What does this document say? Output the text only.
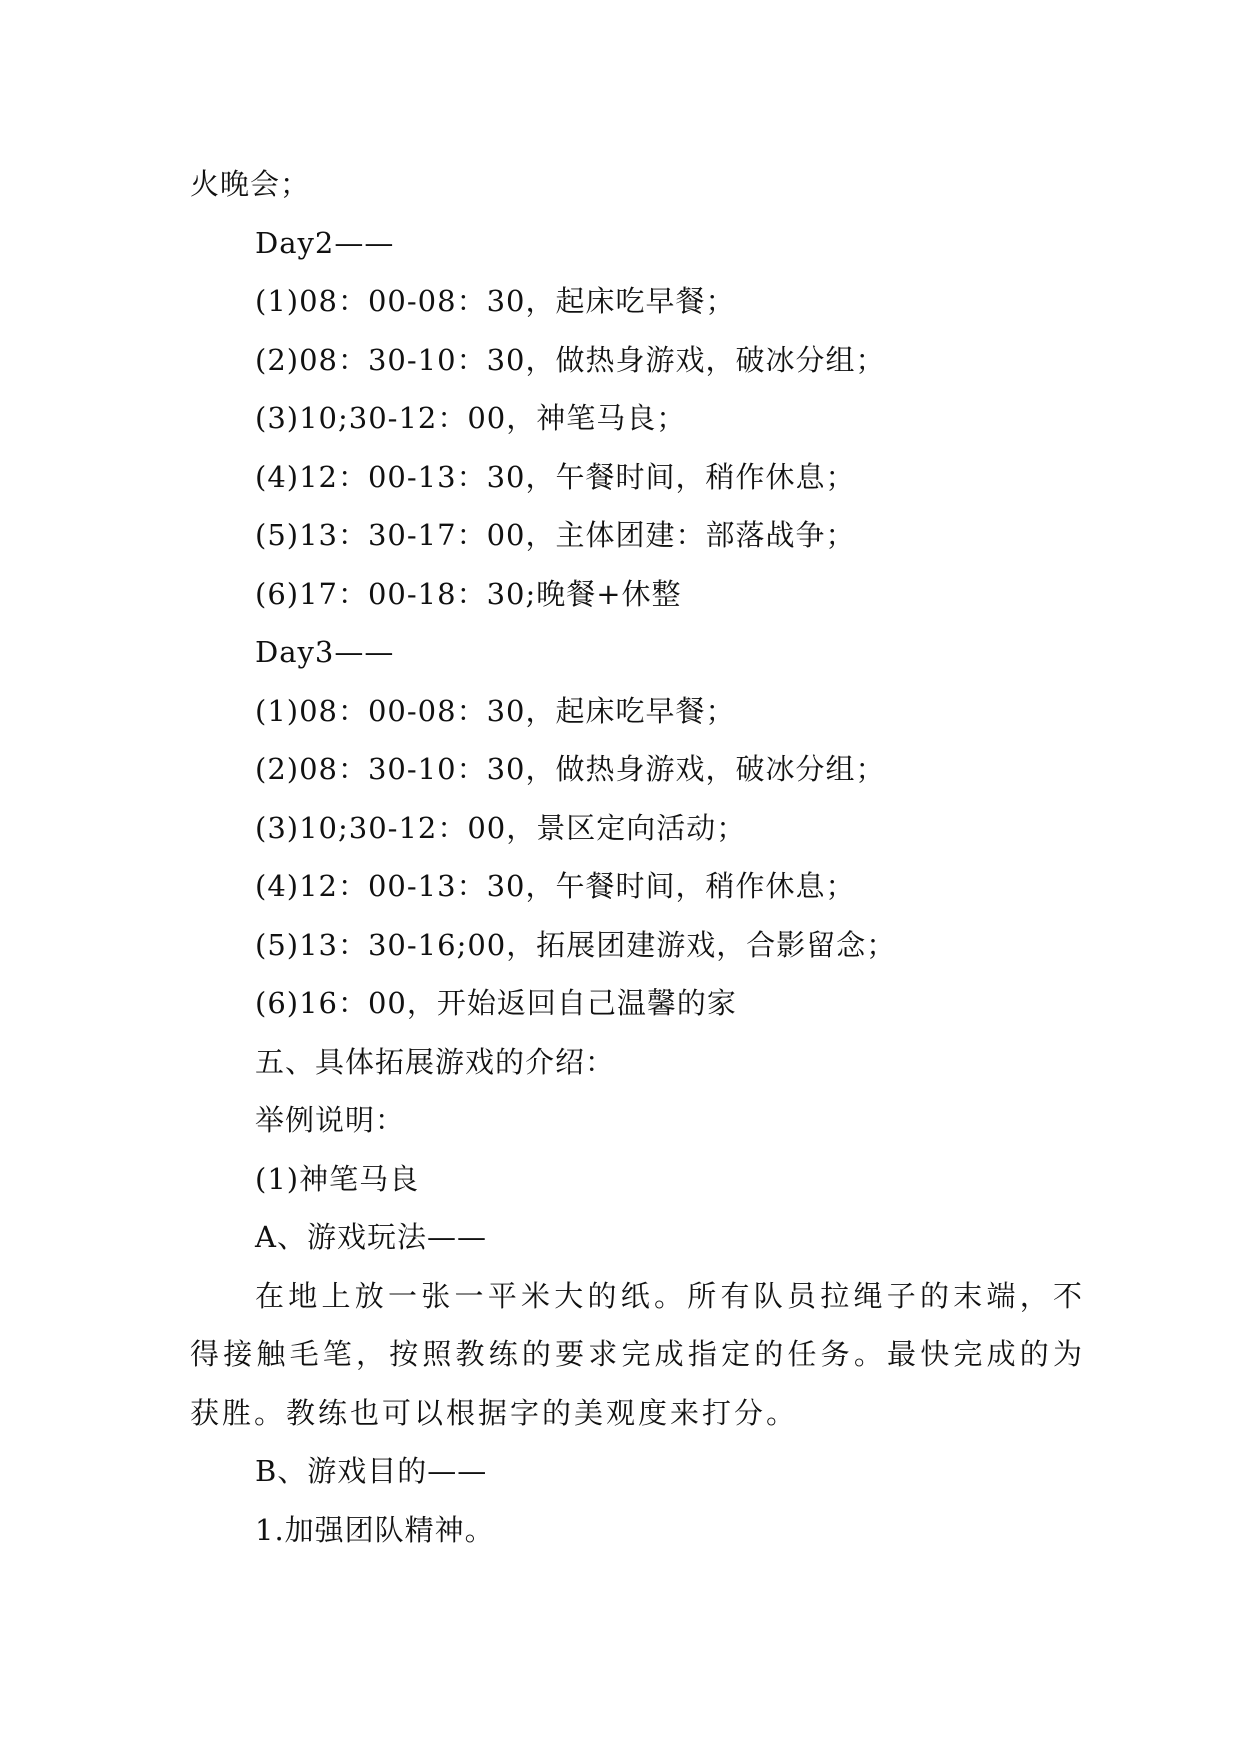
火晚会；
Day2——
(1)08：00-08：30，起床吃早餐；
(2)08：30-10：30，做热身游戏，破冰分组；
(3)10;30-12：00，神笔马良；
(4)12：00-13：30，午餐时间，稍作休息；
(5)13：30-17：00，主体团建：部落战争；
(6)17：00-18：30;晚餐+休整
Day3——
(1)08：00-08：30，起床吃早餐；
(2)08：30-10：30，做热身游戏，破冰分组；
(3)10;30-12：00，景区定向活动；
(4)12：00-13：30，午餐时间，稍作休息；
(5)13：30-16;00，拓展团建游戏，合影留念；
(6)16：00，开始返回自己温馨的家
五、具体拓展游戏的介绍：
举例说明：
(1)神笔马良
A、游戏玩法——
在地上放一张一平米大的纸。所有队员拉绳子的末端，不得接触毛笔，按照教练的要求完成指定的任务。最快完成的为获胜。教练也可以根据字的美观度来打分。
B、游戏目的——
1.加强团队精神。
